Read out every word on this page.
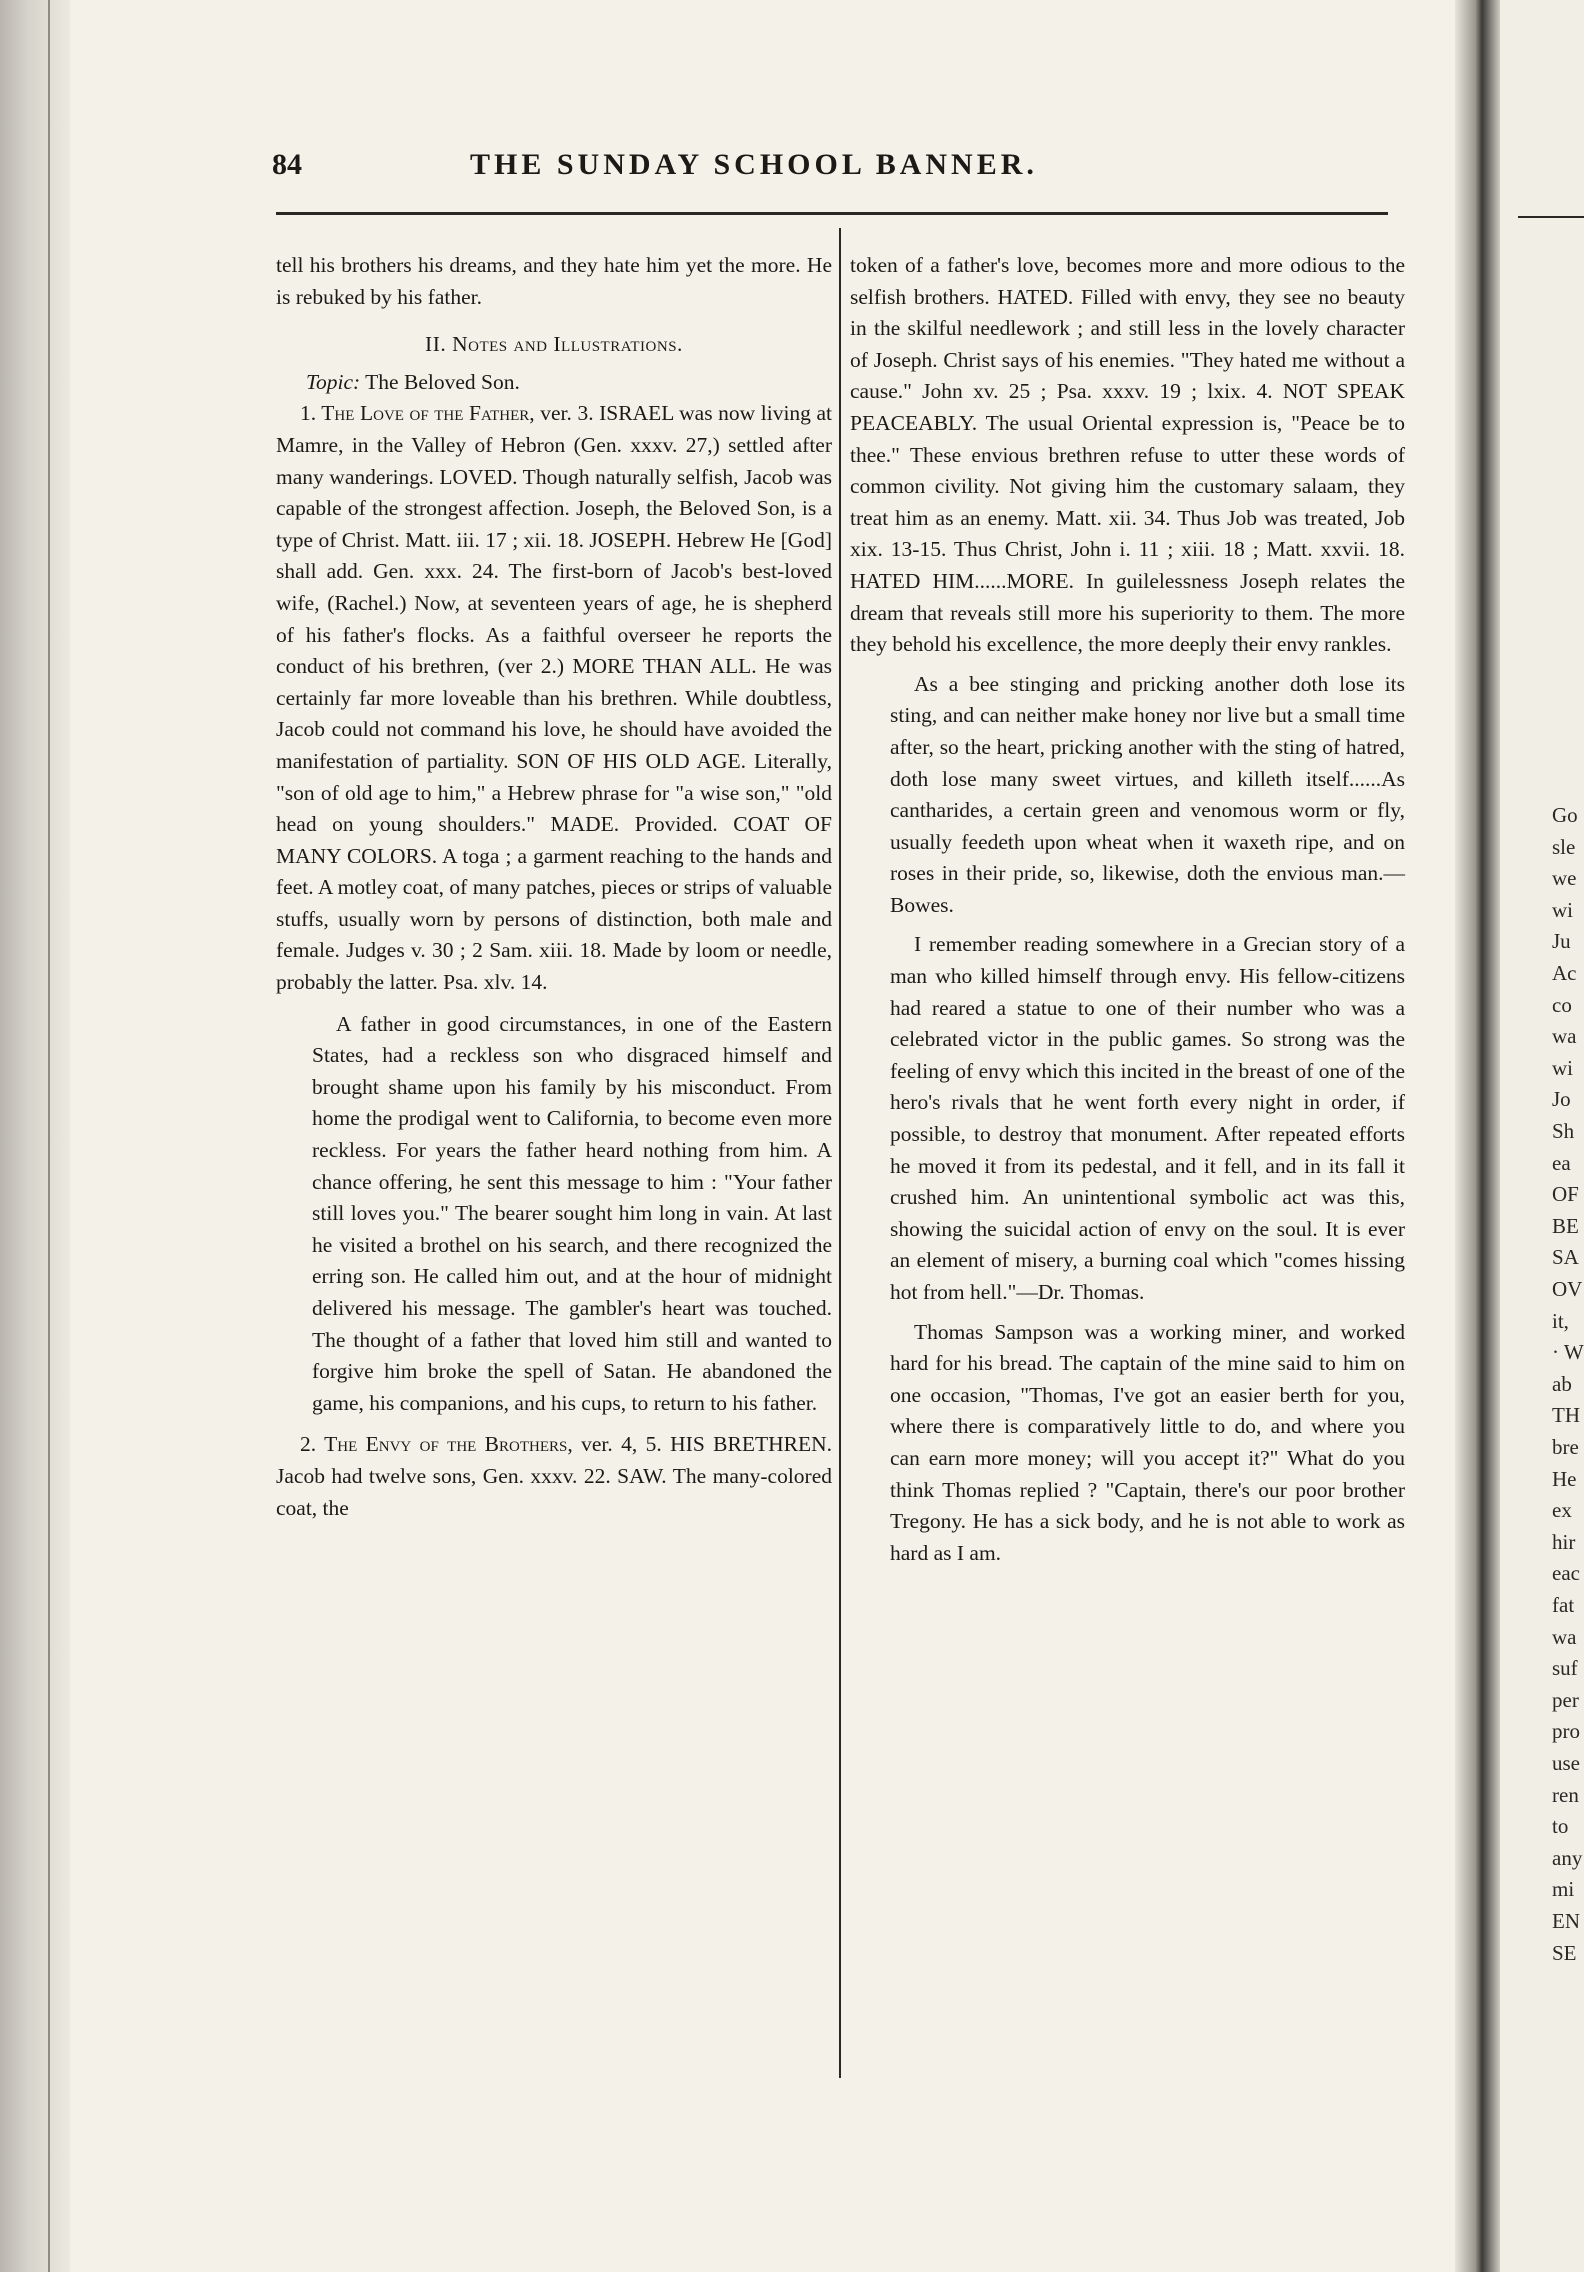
84	THE SUNDAY SCHOOL BANNER.

tell his brothers his dreams, and they hate him yet the more. He is rebuked by his father.

II. Notes and Illustrations.

Topic: The Beloved Son.

1. The Love of the Father, ver. 3. ISRAEL was now living at Mamre, in the Valley of Hebron (Gen. xxxv. 27,) settled after many wanderings. LOVED. Though naturally selfish, Jacob was capable of the strongest affection. Joseph, the Beloved Son, is a type of Christ. Matt. iii. 17 ; xii. 18. JOSEPH. Hebrew He [God] shall add. Gen. xxx. 24. The first-born of Jacob's best-loved wife, (Rachel.) Now, at seventeen years of age, he is shepherd of his father's flocks. As a faithful overseer he reports the conduct of his brethren, (ver 2.) MORE THAN ALL. He was certainly far more loveable than his brethren. While doubtless, Jacob could not command his love, he should have avoided the manifestation of partiality. SON OF HIS OLD AGE. Literally, "son of old age to him," a Hebrew phrase for "a wise son," "old head on young shoulders." MADE. Provided. COAT OF MANY COLORS. A toga ; a garment reaching to the hands and feet. A motley coat, of many patches, pieces or strips of valuable stuffs, usually worn by persons of distinction, both male and female. Judges v. 30 ; 2 Sam. xiii. 18. Made by loom or needle, probably the latter. Psa. xlv. 14.

A father in good circumstances, in one of the Eastern States, had a reckless son who disgraced himself and brought shame upon his family by his misconduct. From home the prodigal went to California, to become even more reckless. For years the father heard nothing from him. A chance offering, he sent this message to him : "Your father still loves you." The bearer sought him long in vain. At last he visited a brothel on his search, and there recognized the erring son. He called him out, and at the hour of midnight delivered his message. The gambler's heart was touched. The thought of a father that loved him still and wanted to forgive him broke the spell of Satan. He abandoned the game, his companions, and his cups, to return to his father.

2. The Envy of the Brothers, ver. 4, 5. HIS BRETHREN. Jacob had twelve sons, Gen. xxxv. 22. SAW. The many-colored coat, the

token of a father's love, becomes more and more odious to the selfish brothers. HATED. Filled with envy, they see no beauty in the skilful needlework ; and still less in the lovely character of Joseph. Christ says of his enemies. "They hated me without a cause." John xv. 25 ; Psa. xxxv. 19 ; lxix. 4. NOT SPEAK PEACEABLY. The usual Oriental expression is, "Peace be to thee." These envious brethren refuse to utter these words of common civility. Not giving him the customary salaam, they treat him as an enemy. Matt. xii. 34. Thus Job was treated, Job xix. 13-15. Thus Christ, John i. 11 ; xiii. 18 ; Matt. xxvii. 18. HATED HIM......MORE. In guilelessness Joseph relates the dream that reveals still more his superiority to them. The more they behold his excellence, the more deeply their envy rankles.

As a bee stinging and pricking another doth lose its sting, and can neither make honey nor live but a small time after, so the heart, pricking another with the sting of hatred, doth lose many sweet virtues, and killeth itself......As cantharides, a certain green and venomous worm or fly, usually feedeth upon wheat when it waxeth ripe, and on roses in their pride, so, likewise, doth the envious man.—Bowes.

I remember reading somewhere in a Grecian story of a man who killed himself through envy. His fellow-citizens had reared a statue to one of their number who was a celebrated victor in the public games. So strong was the feeling of envy which this incited in the breast of one of the hero's rivals that he went forth every night in order, if possible, to destroy that monument. After repeated efforts he moved it from its pedestal, and it fell, and in its fall it crushed him. An unintentional symbolic act was this, showing the suicidal action of envy on the soul. It is ever an element of misery, a burning coal which "comes hissing hot from hell."—Dr. Thomas.

Thomas Sampson was a working miner, and worked hard for his bread. The captain of the mine said to him on one occasion, "Thomas, I've got an easier berth for you, where there is comparatively little to do, and where you can earn more money; will you accept it?" What do you think Thomas replied ? "Captain, there's our poor brother Tregony. He has a sick body, and he is not able to work as hard as I am.

Go
sle
we
wi
Ju
Ac
co
wa
wi
Jo
Sh
ea
OF
BE
SA
OV
it,
· W
ab
TH
bre
He
ex
hir
eac
fat
wa
suf
per
pro
use
ren
to
any
mi
EN
SE
